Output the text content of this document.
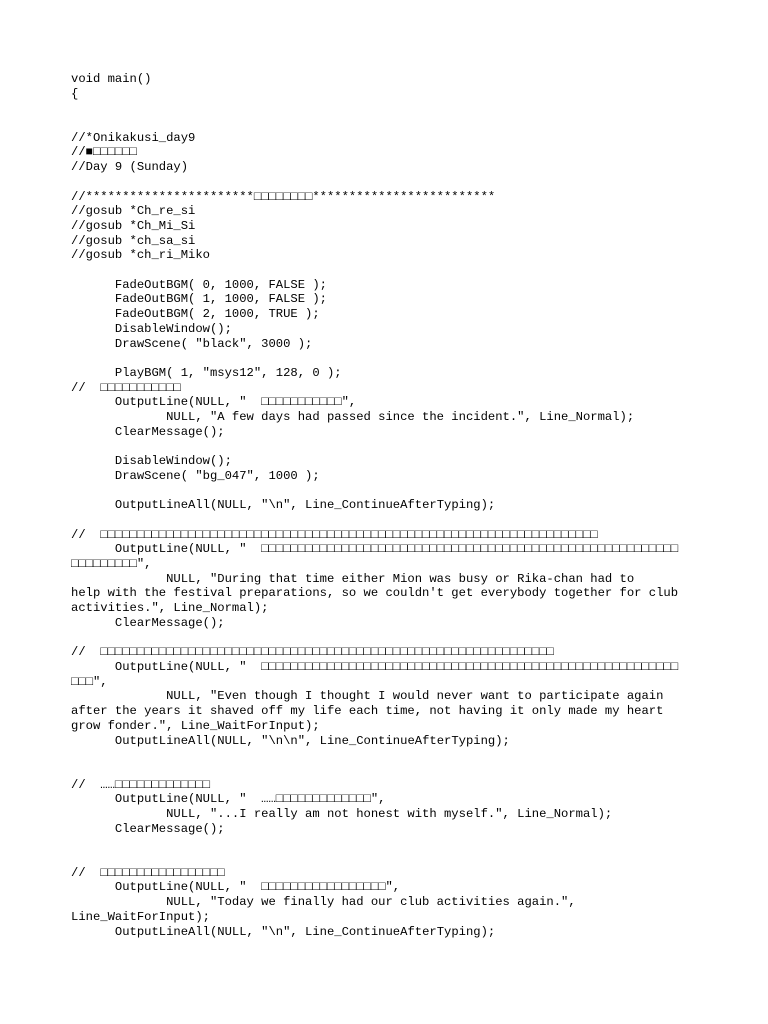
void main()
{
//*Onikakusi_day9
//■□□□□□□
//Day 9 (Sunday)
//***********************□□□□□□□□*************************
//gosub *Ch_re_si
//gosub *Ch_Mi_Si
//gosub *ch_sa_si
//gosub *ch_ri_Miko
FadeOutBGM( 0, 1000, FALSE );
FadeOutBGM( 1, 1000, FALSE );
FadeOutBGM( 2, 1000, TRUE );
DisableWindow();
DrawScene( "black", 3000 );
PlayBGM( 1, "msys12", 128, 0 );
//  □□□□□□□□□□□
OutputLine(NULL, "  □□□□□□□□□□□",
NULL, "A few days had passed since the incident.", Line_Normal);
ClearMessage();
DisableWindow();
DrawScene( "bg_047", 1000 );
OutputLineAll(NULL, "\n", Line_ContinueAfterTyping);
//  □□□□□□□□□□□□□□□□□□□□□□□□□□□□□□□□□□□□□□□□□□□□□□□□□□□□□□□□□□□□□□□□□□□□
OutputLine(NULL, "  □□□□□□□□□□□□□□□□□□□□□□□□□□□□□□□□□□□□□□□□□□□□□□□□□□□□□□□□□
□□□□□□□□□",
NULL, "During that time either Mion was busy or Rika-chan had to
help with the festival preparations, so we couldn't get everybody together for club
activities.", Line_Normal);
ClearMessage();
//  □□□□□□□□□□□□□□□□□□□□□□□□□□□□□□□□□□□□□□□□□□□□□□□□□□□□□□□□□□□□□□
OutputLine(NULL, "  □□□□□□□□□□□□□□□□□□□□□□□□□□□□□□□□□□□□□□□□□□□□□□□□□□□□□□□□□
□□□",
NULL, "Even though I thought I would never want to participate again
after the years it shaved off my life each time, not having it only made my heart
grow fonder.", Line_WaitForInput);
OutputLineAll(NULL, "\n\n", Line_ContinueAfterTyping);
//  ……□□□□□□□□□□□□□
OutputLine(NULL, "  ……□□□□□□□□□□□□□",
NULL, "...I really am not honest with myself.", Line_Normal);
ClearMessage();
//  □□□□□□□□□□□□□□□□□
OutputLine(NULL, "  □□□□□□□□□□□□□□□□□",
NULL, "Today we finally had our club activities again.",
Line_WaitForInput);
OutputLineAll(NULL, "\n", Line_ContinueAfterTyping);
